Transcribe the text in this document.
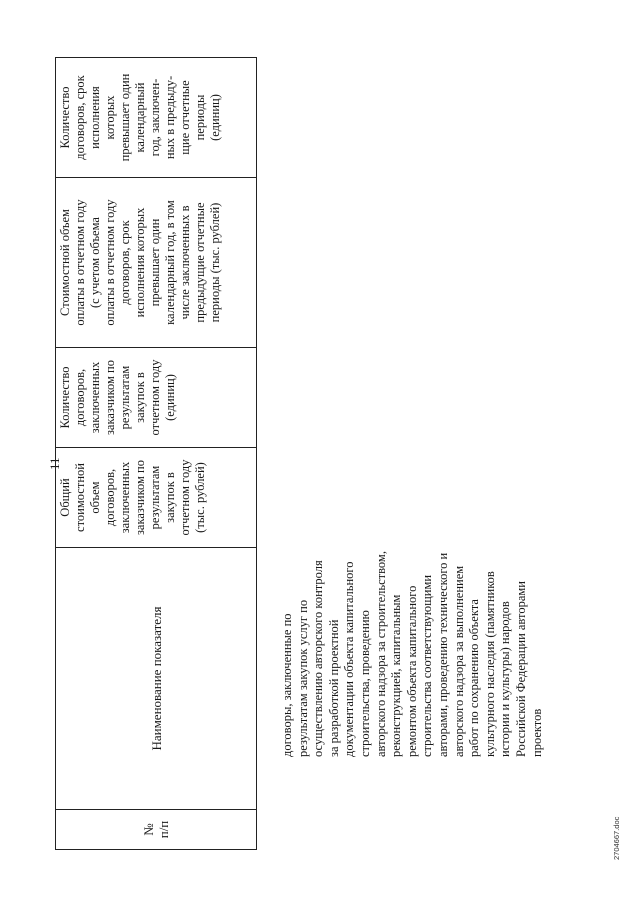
11
№
п/п	Наименование показателя	Общий
стоимостной
объем
договоров,
заключенных
заказчиком по
результатам
закупок в
отчетном году
(тыс. рублей)	Количество
договоров,
заключенных
заказчиком по
результатам
закупок в
отчетном году
(единиц)	Стоимостной объем
оплаты в отчетном году
(с учетом объема
оплаты в отчетном году
договоров, срок
исполнения которых
превышает один
календарный год, в том
числе заключенных в
предыдущие отчетные
периоды (тыс. рублей)	Количество
договоров, срок
исполнения
которых
превышает один
календарный
год, заключен-
ных в предыду-
щие отчетные
периоды
(единиц)
договоры, заключенные по
результатам закупок услуг по
осуществлению авторского контроля
за разработкой проектной
документации объекта капитального
строительства, проведению
авторского надзора за строительством,
реконструкцией, капитальным
ремонтом объекта капитального
строительства соответствующими
авторами, проведению технического и
авторского надзора за выполнением
работ по сохранению объекта
культурного наследия (памятников
истории и культуры) народов
Российской Федерации авторами
проектов
2704667.doc
